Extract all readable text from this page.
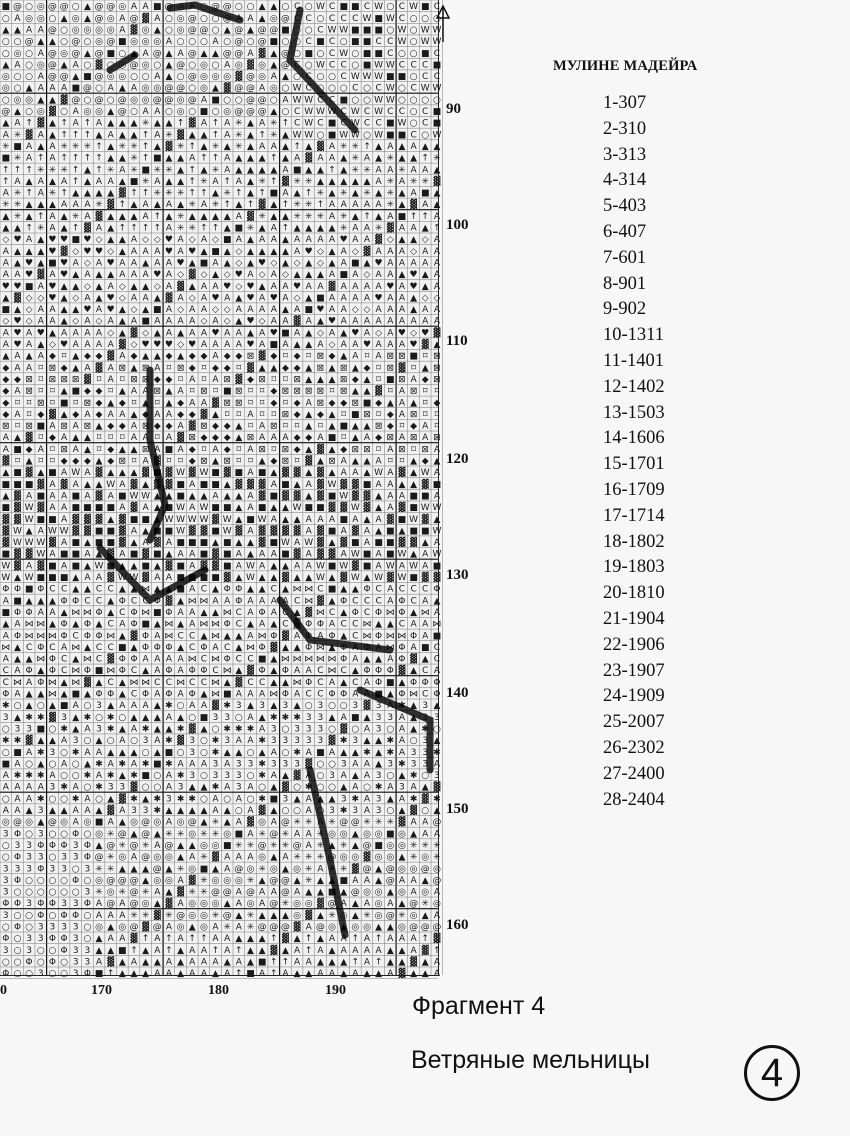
■ @ ○ ◎ @ @ ○ ▲ @ @ ◎ A A ■ @ ◎ A ○ @ @ ○ ○ ▲ ▲ ○ C ○ W C ■ ■ C W ○ C W ■ C
○ A ◎ ◎ ○ ▲ ◎ ▲ @ ◎ A @ ▓ A ○ ◎ @ ○ ○ @ A A ▲ ◎ @ C C ○ C C C W ■ W C ○ ○ ○
▲ ▲ A A @ ○ ◎ ◎ ◎ ◎ A ▓ ◎ ▲ ○ ◎ @ @ ○ ▲ @ ▲ @ @ ■ ○ ○ C W W ■ ■ ■ ○ W ○ W W
○ ○ @ ▲ ▲ ○ @ ○ ◎ @ ■ ◎ ◎ ◎ A ○ ○ ○ A ○ @ ○ @ ■ ○ ○ C ■ C ○ ■ ■ C C W ○ W W
○ ◎ ○ A @ ◎ @ ▲ @ ■ ○ ▲ A @ ▲ A @ ▲ ▲ @ @ A ▓ ▲ @ ○ ■ ○ C W ○ ■ ■ C ○ ○ ■ C
▲ A ○ ◎ @ ▲ A ○ ▓ ○ ◎ @ ◎ ○ ▲ @ ○ ◎ ○ A ◎ ▓ ◎ ▲ @ C ○ W C C ○ ■ W W C C C ■
◎ ○ ○ A @ @ ▲ ■ @ ◎ ◎ ○ ○ A ▲ ○ @ ◎ ◎ ◎ ▓ @ ◎ A ▲ ○ C ○ ○ C W W W ■ ■ ○ C C
◎ ○ ▲ A A A ■ @ ○ A ▲ A ◎ ◎ @ @ ○ ◎ ▲ ▓ @ @ A ◎ ○ W C ○ ○ ○ C ○ C W ○ C W W
○ ◎ ◎ ▲ ▲ ▓ @ ○ @ ○ @ ◎ ◎ @ @ ◎ @ A ■ ○ ○ @ @ ○ A W W C C ■ ○ ○ W W ○ ○ ○ ○
@ ▲ ○ ◎ ▓ ○ A ◎ ◎ ▲ @ ○ A A ○ ◎ ○ ■ ○ ◎ @ @ @ ▲ ○ C W W W C W C W C C ○ C ■
▲ A ↑ ▓ ▲ ↑ A ↑ A ▲ ▲ ▲ ✳ ▲ ▲ ↑ ▓ A ↑ A ✳ ▲ A ✳ ↑ C W C ■ C W C C ■ W ○ C ■
A ✳ ▓ A ▲ ↑ ↑ ↑ ▲ A ▲ ▲ ↑ A ✳ ▓ ▲ ▲ ↑ A ✳ ▲ ↑ ✳ ▲ W W ○ ■ W W ○ W ■ ■ C ○ W
✳ ■ A ▲ A ✳ ✳ ✳ ↑ ▲ ✳ ✳ ↑ ▲ ▓ ✳ ↑ ▲ ✳ ▲ ✳ ▲ A A ▲ ↑ ▲ ▓ A ✳ ✳ ↑ ▲ A ▲ A ▲ ▲
■ ✳ A ↑ A ↑ ↑ ↑ ↑ ▲ ▲ ✳ ↑ ■ ▲ ▲ A ↑ ↑ A ▲ ▲ ▲ ↑ ▲ A ▓ A A ▲ ✳ A ▲ ✳ ▲ ▲ ↑ ✳
↑ ↑ ↑ ✳ ✳ ✳ ↑ ▲ ↑ ✳ A ✳ ■ ✳ ✳ ▲ ↑ ▲ ✳ A ▲ ▲ ▲ ▲ A ■ ▲ ▲ ↑ ▲ ✳ ✳ A A ✳ A A ▲
↑ A ▲ A ▲ A ↑ ▲ A A ▲ ■ ✳ A ▲ ▲ ↑ ✳ A ↑ A ▲ ✳ ↑ ▓ ✳ ✳ ▲ ▲ ▲ ▲ ▲ A ✳ A ✳ ✳ ▓
A ✳ ↑ A ✳ ↑ ▲ ▲ ▲ ▲ ▓ ↑ ↑ ✳ ✳ ✳ ↑ ↑ ▲ ✳ ↑ ▲ ↑ ■ A ▲ ↑ ✳ ▲ ✳ ▲ ✳ ▲ ✳ ▲ A ■ ▲
✳ ✳ ▲ ▲ ▲ A A A ✳ ▓ ↑ ▲ A ▲ A ▲ ✳ A ✳ ↑ ▲ ↑ ▓ ▲ ↑ ✳ ✳ ↑ A A A A A ✳ ▲ ▓ A ▲
▲ ✳ ▲ ↑ A ▲ ✳ A ▓ ▲ ▲ ▲ A ↑ ▲ ✳ ▲ ▲ ▲ ▲ A ▓ ✳ ▲ ▲ ✳ ✳ ✳ A ✳ ▲ ↑ ▲ A ■ ↑ ↑ A
▲ ▲ ↑ ✳ A ▲ ↑ ▓ A ▲ ↑ ↑ ↑ ↑ A ✳ ✳ ↑ ↑ ▲ ■ ✳ ▲ A ↑ ▲ ▲ ▲ ▲ ✳ A A ✳ ▓ A A ▲ ↑
◇ ♥ A ▲ ♥ ♥ ■ ♥ ◇ ▲ ▲ A ◇ ◇ ♥ A ◇ A ◇ ■ A ▲ A A ▲ A A A A ♥ A A ▓ ◇ ▲ ▲ ◇ A
A ▲ ▲ ▲ ♥ ▓ ◇ ♥ ♥ ◇ ▲ A A A ♥ A ♥ ▲ ■ ▲ ◇ ▲ ▲ ▲ ▲ A ♥ ◇ ▲ A ◇ ▓ A A A ◇ A A
A ▲ ♥ ▲ ■ ♥ A ◇ A ♥ A A ▲ A A ♥ ▲ ■ A ▲ ◇ ▲ ♥ ◇ ▲ ◇ ▲ ◇ ▲ A ■ ▲ ♥ A A A A A
A A ♥ ▓ A ♥ ▲ A ▲ ▲ A A A ♥ A ◇ ▓ ◇ ▲ ◇ ♥ A ◇ A ◇ ▲ ▲ ▲ A ■ A ◇ A A ▲ ♥ ▲ A
♥ ♥ ■ A ♥ ▲ ▲ ◇ ▲ A ◇ ▲ ▲ ◇ A ▓ ▲ A A ♥ ◇ ♥ ▲ A A ♥ A A ▓ A A A A ♥ A ♥ ▲ A
▲ ▓ ◇ ◇ ♥ ▲ ◇ A ▲ ♥ ◇ A A ▲ ▓ A ◇ A ♥ A ▲ ♥ A ♥ A ◇ ▲ ■ A A A A ♥ A A ▲ ◇ ◇
■ ▲ ◇ A A ▲ ▲ ♥ A ♥ ▲ ◇ ▲ ■ A ◇ A A ◇ ◇ A A A A ▲ A ■ ♥ A A ◇ ◇ A A A ▲ A A
◇ ♥ ◇ A A ▲ ◇ A ◇ A ▲ A ■ A A A A ◇ A ◇ ▲ ♥ ◇ A A ▓ A ▲ ♥ A A A A A A A A A
A ♥ A ♥ ▲ A A A A ◇ ▲ ▓ ◇ ▲ A ▲ A A ♥ A A ▲ A ♥ ■ A ▲ ◇ A ▲ ♥ A ◇ A ♥ ◇ ♥ ▓
A ♥ A ▲ ◇ ♥ A A A A ▓ ◇ ♥ ♥ ♥ ◇ ♥ A A A A ♥ A ■ A ▲ ▲ A ◇ A A ♥ A A A ♥ ▓ ▲
▲ A ▲ A ◆ ⌑ ▲ ◆ ◆ ▓ A ◆ ▲ ▲ ◆ ▲ ◆ ◆ A ◆ ◆ ⊠ ▓ ◆ ⌑ ◆ ⌑ ⊠ ◆ ▲ A ⌑ A ⊠ ⊠ ■ ⌑ ⊠
◆ A A ⌑ ⊠ ◆ ▲ A ▓ A ⊠ ▲ ⊠ A ⌑ ⊠ ◆ ⌑ ◆ ◆ ⌑ ▓ ▲ ▲ ◆ ◆ ▲ ⊠ ▲ ⊠ ▲ ◆ ⌑ ⊠ ▓ ⌑ ▲ ⊠
◆ ◆ ⊠ ⌑ ⊠ ⊠ ⊠ ▓ ⌑ A ⌑ ⊠ ⊠ ◆ ◆ ⌑ A ⌑ A ⊠ ▓ ◆ ⊠ ⌑ ⌑ ⊠ ▲ ▲ ▲ ⊠ ◆ ▲ ⌑ ■ ⊠ A ◆ ⊠
◆ A ⊠ ⌑ ⌑ ▲ ■ ◆ ◆ ⌑ ▲ A A ⊠ ▲ A ⌑ ⊠ ⌑ ■ ⊠ ⌑ ⌑ ◆ ⊠ ⊠ ⊠ ⊠ ⌑ ⊠ ▲ ▲ ▓ ⌑ A ⊠ ⌑ ⌑
◆ ⌑ ⌑ ⊠ ⌑ ■ ⌑ ⊠ ◆ ▲ ◆ ⌑ ▲ ⌑ ▲ ◆ A A ▓ ⊠ ⊠ ⌑ ⌑ ◆ ⌑ ◆ A ⊠ ◆ ◆ ⊠ ■ ◆ ▲ A ▲ ⌑ ◆
◆ A ⌑ ◆ ▓ ▲ ◆ A ◆ A A ▲ ◆ A A ◆ ◆ ▓ ▲ ⌑ ⌑ A ⌑ ⌑ ⊠ ◆ ▲ ◆ ▲ ⌑ ■ ⊠ ⌑ ◆ A ⊠ ⌑ ⌑
⊠ ⌑ ⊠ ■ A ⊠ A ⊠ ▲ ◆ ◆ A ⊠ ◆ ◆ A ▓ ⊠ ◆ ◆ ▲ ⌑ A ⊠ ⌑ ⌑ ▲ ⌑ ▲ ■ ▲ ▲ ⊠ ◆ ⌑ ◆ A ⌑
A ▲ ▓ ⌑ ◆ A ▲ ▲ ⌑ ⌑ ⌑ A A ⌑ A ▓ ⊠ ◆ ◆ ◆ ▲ ⊠ A A A ◆ ◆ A ■ ⌑ ▲ A ◆ ⊠ A ⊠ A ⊠
A ■ ◆ A ⌑ ⊠ A ▲ ⌑ ◆ ▲ ▲ ⊠ A ■ A ◆ ⌑ A ◆ ⌑ A ⊠ ⌑ ⊠ ◆ ▲ ▓ ▲ ◆ ⊠ ⊠ ⌑ A ⊠ ⌑ ⊠ A
▓ ⌑ ▲ ⌑ ⌑ ◆ ◆ ◆ ▲ ◆ ⊠ ⌑ A ▓ ⌑ ⌑ ◆ ⊠ ▲ ⊠ ⌑ ⌑ ▲ ◆ ⊠ ⌑ ▓ ▲ ⊠ A ▲ ▲ A ⌑ ⌑ ▲ ◆ ▲
▲ ■ ▓ ▲ ■ A W A ▓ ▲ ▲ ▲ ▓ ■ ▓ W ▓ W ■ ▓ ■ A ■ ▲ ▓ ▓ ▲ ▓ ▲ A A ▲ W A ▓ ▲ W A
■ ■ ■ ▓ A ▓ A ▲ ▲ W A ▓ ▲ ▓ ▓ ■ A ■ ■ ▲ ▓ ▓ ▓ A ■ ▲ A ▓ W ▓ ▓ ■ A A ▲ ▲ ▓ ■
▲ ▓ A ■ A A ■ A ▓ A ■ W W ▲ ▲ ■ ▲ ▲ A ▲ ▲ A ▓ ■ ▓ ▓ ▲ ▓ ■ W ▓ ▓ ▲ A A ■ ■ A
■ ▓ W ▓ A A ■ ■ ■ ■ A ▓ A ▲ ■ W A W ■ ■ ▲ A ■ ▲ ▲ W ■ ■ ▓ ▓ W ▓ ▲ A ▓ ■ W W
▓ ▓ W ■ ■ A ▓ ▓ ▓ ▲ ▓ ■ ■ ▲ W W W W ▓ W ▲ ■ W A ▲ ▲ A A A ■ A ▲ A ▓ ■ W ▓ ▲
▓ W ▲ A W W ▓ ▓ ■ ■ ▓ A ▲ ■ ■ W ▓ ▓ ■ W ▓ A ▓ ▓ ▓ ▓ A ▓ ■ A ▓ A ▲ ■ ▲ ■ ■ W
▓ W W W ▓ A ■ ▲ ■ ■ ▓ ▲ A ▓ A ■ ■ ■ ▲ ■ ▲ ▲ ▓ ■ W A W ▓ ▲ ▓ ■ A ■ ■ ▓ ▓ ▲ A
■ ▓ ▓ W A ■ ■ A ▲ ▓ A ■ ▓ ■ ▲ A A ■ ▓ ■ A ▲ A A ■ ▓ A ▓ ▓ A W ■ A ■ W ▲ A W
W ▓ A ▓ ■ A ■ ▲ W ■ ▲ ▲ ■ ▲ ▓ ■ A ▓ ▓ ■ A W A ▲ ▲ A A W ■ W ▓ ■ A W A W A ■
W ▲ W ■ ■ ■ ▲ A A ▓ W W ▓ A A ■ ■ ■ ■ ▓ ▲ W ▲ ▲ ▓ ▲ ▲ W ▲ ▓ W ▲ W ▓ W ■ ▓ ▓
Φ Φ ■ Φ C C ▲ ▲ C C ▲ ▲ ⋈ ▲ ▲ ■ A C ▲ Φ Φ ▲ ▲ C ▲ ⋈ ⋈ C ■ ▲ ▲ Φ C A C C C Φ
A ■ ▲ ▲ ▲ Φ Φ C C ▲ Φ C C Φ ▓ ▲ ⋈ ⋈ A A Φ A A A A C ⋈ ▓ ▲ Φ C C C A Φ C A ▲
■ Φ Φ A A ▲ ⋈ ⋈ Φ ▲ C Φ ⋈ ■ Φ A A ▲ ▲ ⋈ C A Φ A C ▲ ▓ ⋈ C ▲ Φ C Φ ⋈ Φ ▲ ⋈ A
▲ A ⋈ ⋈ ▲ Φ ▲ Φ ▲ C A Φ ■ ▲ ⋈ ▲ A ⋈ ⋈ Φ C ▲ A ▲ C ▓ Φ Φ A C C ⋈ ▲ ▲ C A A ⋈
A Φ ⋈ ⋈ ⋈ Φ C Φ Φ ⋈ ▲ ▓ Φ A ⋈ C C ▲ ⋈ ▲ ▲ A ⋈ Φ ▓ A Φ A Φ ▲ C ⋈ Φ ⋈ ⋈ Φ A ■
⋈ ▲ C Φ C A ⋈ ▲ C C ■ ▲ Φ Φ Φ ▲ C Φ A C ▲ ⋈ Φ ▓ ▲ ▲ Φ ⋈ ▲ Φ A Φ A ⋈ Φ A ■ C
A ▲ ▲ ⋈ Φ C ▲ ⋈ C ▓ Φ Φ A A A A ⋈ C ⋈ Φ C C ■ ▲ ⋈ ⋈ ⋈ ⋈ ⋈ Φ A ▲ ▲ A Φ ▓ ▲ C
C A Φ ▲ Φ C ⋈ Φ ■ ⋈ Φ C ▲ A Φ A Φ Φ C ⋈ ▲ ▓ Φ ▲ Φ A A C ⋈ C ▲ Φ Φ Φ ▓ ▲ C A
C ⋈ A Φ ⋈ ▲ ⋈ ▓ ▲ C ▲ ⋈ ⋈ C C ⋈ C C ⋈ ▲ ▓ C C ▲ ▲ ⋈ Φ C A ▲ C A Φ ■ ▲ Φ Φ Φ
Φ A ▲ ▲ ⋈ ▲ ■ ▲ Φ Φ ▲ C Φ A Φ A Φ ▲ ⋈ ■ A A A ⋈ Φ A C C Φ Φ A A ■ ▲ Φ ⋈ C Φ
✱ ○ ▲ ○ ▲ ■ A ○ 3 ▲ A A A ▲ ✱ ○ A A ▓ ✱ 3 ▲ 3 ▲ 3 ▲ ○ 3 ○ ○ 3 ▓ 3 A ✱ ▲ 3 ▲
3 ▲ ✱ ✱ ▓ 3 ▲ ✱ ○ ✱ ○ ▲ ▲ ▲ A ▲ ○ ■ 3 3 ○ A ▲ ✱ ✱ ✱ 3 3 ▲ A ■ ▲ 3 3 A ▲ 3 3
○ 3 3 ■ ○ ✱ ▲ A 3 ✱ ▲ A ✱ ▲ ▲ ✱ ▓ ▲ ○ ✱ ✱ ✱ A 3 ○ 3 3 3 ○ ▓ ○ A 3 ○ A ▲ ✱ ○
✱ ✱ ▓ ▲ ▲ A 3 ○ ▲ ○ A ○ 3 A ✱ ▓ 3 ○ ✱ 3 A A ✱ 3 3 3 3 3 ▓ ✱ 3 ▲ ▲ ✱ A ○ 3 ▲
○ ■ A ✱ 3 ○ ✱ A A ▲ ▲ ▲ ○ ▲ ■ ○ 3 ○ ✱ ▲ ▲ ○ ▲ A ○ ✱ A ■ A ▲ ▲ ✱ ▲ ✱ A 3 3 ✱
■ A ○ ▲ ○ A ○ ▲ ✱ A ✱ A ✱ ■ ✱ A A A 3 A 3 3 ✱ 3 3 3 ▓ ○ ○ 3 A A ▲ 3 ✱ 3 3 A
A ✱ ✱ ✱ A ○ ○ ✱ A ✱ ▲ ✱ ■ ○ A ✱ 3 ○ 3 3 3 ○ ✱ A ▲ ▓ A ○ 3 A ▲ A 3 ○ ▲ ✱ ○ 3
A A A A 3 ✱ A ○ ✱ 3 3 ▓ ○ ○ A 3 ▲ ▲ ✱ A 3 A ○ ▲ ▓ ○ ✱ ○ ○ ▲ A ○ ✱ A 3 A ▲ ▓
○ A A ✱ ○ ○ ✱ A ○ ▲ ▓ ✱ ▲ ✱ 3 ✱ ✱ ○ A ○ A ○ ✱ ■ 3 ▲ A ▲ ▲ 3 ✱ A 3 ▲ A ✱ ▓ ✱
A A ▲ 3 ▲ ▲ A A ▲ ▓ A 3 3 ✱ ▲ ▲ ▲ ▲ A ▲ ○ A ▓ ▲ ○ ○ A ○ 3 ✱ 3 A 3 ○ ▲ ▓ ○ ▲
◎ @ ◎ ▲ @ ◎ A ◎ ■ A ▲ ◎ @ ◎ A ◎ @ ▲ ✳ ▲ A ▓ ◎ A @ ✳ ✳ A ✳ @ @ ✳ ✳ ✳ ▓ A A @
3 Φ ○ 3 ○ ○ Φ ○ ◎ ✳ @ ▲ @ ▲ ✳ ✳ ◎ ✳ ✳ ◎ ■ A ✳ @ ✳ A A ✳ ◎ ◎ ▲ ◎ ◎ ■ ◎ ▲ A A
○ 3 3 Φ Φ Φ 3 Φ ▲ @ ✳ @ ✳ A @ ▲ ▲ ◎ ◎ ■ ✳ ✳ @ ✳ ✳ @ A ✳ ▲ ✳ ▲ @ ■ ◎ ◎ ✳ ✳ ✳
○ Φ 3 3 ○ 3 3 Φ @ ✳ ◎ A @ ◎ ◎ ▲ A ✳ ▓ A A A ◎ ▲ A ✳ ✳ ✳ @ ◎ ◎ ▓ ◎ ◎ ▲ ✳ ◎ ✳
3 3 3 Φ 3 3 ○ 3 ✳ ✳ ▲ ▲ ▲ @ ▲ ✳ ◎ ■ ▲ A @ ◎ ✳ ◎ ▲ ◎ ✳ A ✳ ✳ ▓ @ ▲ @ ◎ ◎ @ ◎
3 Φ ○ ○ ○ ○ Φ ○ ◎ @ @ @ ▲ ◎ ◎ A ▓ ✳ ◎ ◎ ◎ ✳ ▲ @ @ ▲ ✳ ▲ ▲ ■ A A ▲ @ A A ▲ @
3 ○ ○ ○ ○ ○ ○ 3 ✳ ◎ ✳ @ ✳ A ▲ ▓ ✳ ✳ @ @ A @ A A @ A ▲ ▲ ■ ▲ @ ◎ ◎ ▲ ◎ A ◎ A
Φ Φ 3 Φ Φ 3 3 Φ A @ A @ ◎ ▲ ▓ A ◎ ◎ ◎ ▲ A ◎ A @ ✳ ◎ ◎ ▓ @ A ▲ A ◎ A ▲ @ ✳ ◎
3 ○ ○ Φ ○ Φ Φ ○ A A A ✳ ✳ ▓ ✳ @ ◎ ◎ ✳ @ ▲ ✳ ▲ ▲ ▲ ◎ ▓ ▲ ✳ ◎ ▲ ✳ ◎ @ ✳ ◎ ▲ A
○ Φ ○ 3 3 3 3 ○ ◎ ▲ ◎ @ ▓ @ A ◎ ▲ ◎ A ✳ A ✳ @ @ @ ▓ A @ ◎ ▲ ◎ ◎ ▲ ▲ ◎ @ @ @
Φ ○ 3 3 Φ Φ 3 ○ ▲ A A ▓ ↑ A ↑ A ↑ ↑ A A ▲ ▲ ▲ ↑ ▓ ▲ ↑ ▲ A A ↑ A ↑ A A A ↑ ▓
3 ○ 3 ○ ○ Φ 3 3 ▲ ▲ ■ ↑ ▲ A ↑ ▲ A A ↑ A ↑ ▲ ▲ ▓ ▲ A ↑ A ▲ A A A A ▲ ▲ A ▓ ↑
○ ○ Φ ○ Φ ○ 3 3 A ▓ ▲ A ▲ ▲ A ▲ A A A ▲ A ▲ ■ ↑ ↑ A A ▲ ▲ ▲ ↑ A ↑ ▲ ▲ ▓ ▲ A
Φ ○ ○ 3 ○ ○ 3 Φ ■ ↑ ▲ ▲ ▲ A A ▲ A A ▲ A ↑ ■ A ↑ A ▲ ▲ A A ▲ A ▲ ▲ A ▓ ▲ ▲ A
90
100
110
120
130
140
150
160
0	170	180	190
МУЛИНЕ МАДЕЙРА
1-307
2-310
3-313
4-314
5-403
6-407
7-601
8-901
9-902
10-1311
11-1401
12-1402
13-1503
14-1606
15-1701
16-1709
17-1714
18-1802
19-1803
20-1810
21-1904
22-1906
23-1907
24-1909
25-2007
26-2302
27-2400
28-2404
Фрагмент 4
Ветряные мельницы	4
